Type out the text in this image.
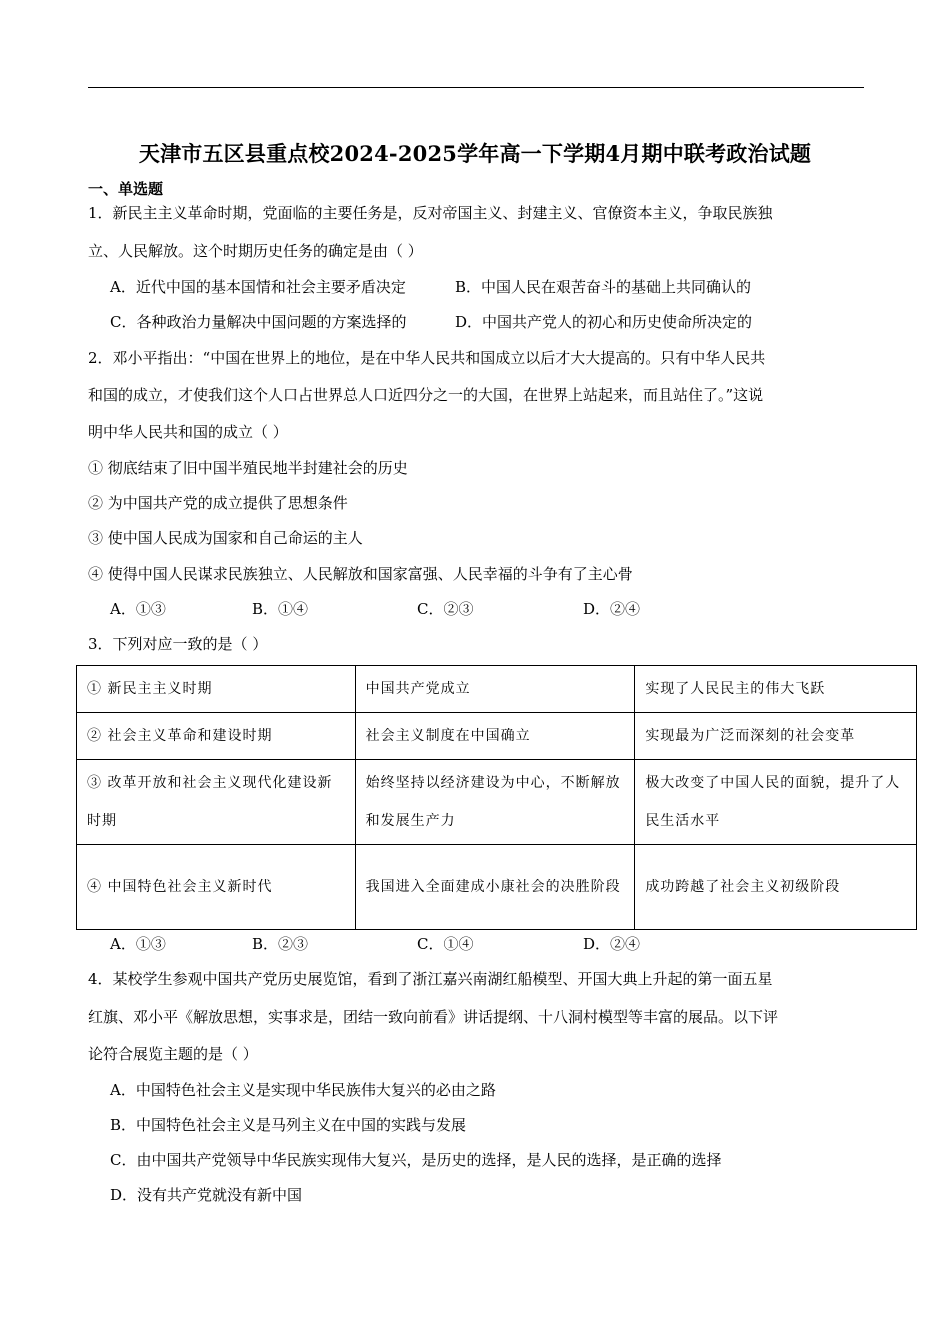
天津市五区县重点校2024-2025学年高一下学期4月期中联考政治试题
一、单选题
1．新民主主义革命时期，党面临的主要任务是，反对帝国主义、封建主义、官僚资本主义，争取民族独
立、人民解放。这个时期历史任务的确定是由（ ）
A．近代中国的基本国情和社会主要矛盾决定	B．中国人民在艰苦奋斗的基础上共同确认的
C．各种政治力量解决中国问题的方案选择的	D．中国共产党人的初心和历史使命所决定的
2．邓小平指出：“中国在世界上的地位，是在中华人民共和国成立以后才大大提高的。只有中华人民共
和国的成立，才使我们这个人口占世界总人口近四分之一的大国，在世界上站起来，而且站住了。”这说
明中华人民共和国的成立（ ）
① 彻底结束了旧中国半殖民地半封建社会的历史
② 为中国共产党的成立提供了思想条件
③ 使中国人民成为国家和自己命运的主人
④ 使得中国人民谋求民族独立、人民解放和国家富强、人民幸福的斗争有了主心骨
A．①③	B．①④	C．②③	D．②④
3．下列对应一致的是（ ）
① 新民主主义时期	中国共产党成立	实现了人民民主的伟大飞跃
② 社会主义革命和建设时期	社会主义制度在中国确立	实现最为广泛而深刻的社会变革
③ 改革开放和社会主义现代化建设新时期	始终坚持以经济建设为中心，不断解放和发展生产力	极大改变了中国人民的面貌，提升了人民生活水平
④ 中国特色社会主义新时代	我国进入全面建成小康社会的决胜阶段	成功跨越了社会主义初级阶段
A．①③	B．②③	C．①④	D．②④
4．某校学生参观中国共产党历史展览馆，看到了浙江嘉兴南湖红船模型、开国大典上升起的第一面五星
红旗、邓小平《解放思想，实事求是，团结一致向前看》讲话提纲、十八洞村模型等丰富的展品。以下评
论符合展览主题的是（ ）
A．中国特色社会主义是实现中华民族伟大复兴的必由之路
B．中国特色社会主义是马列主义在中国的实践与发展
C．由中国共产党领导中华民族实现伟大复兴，是历史的选择，是人民的选择，是正确的选择
D．没有共产党就没有新中国
